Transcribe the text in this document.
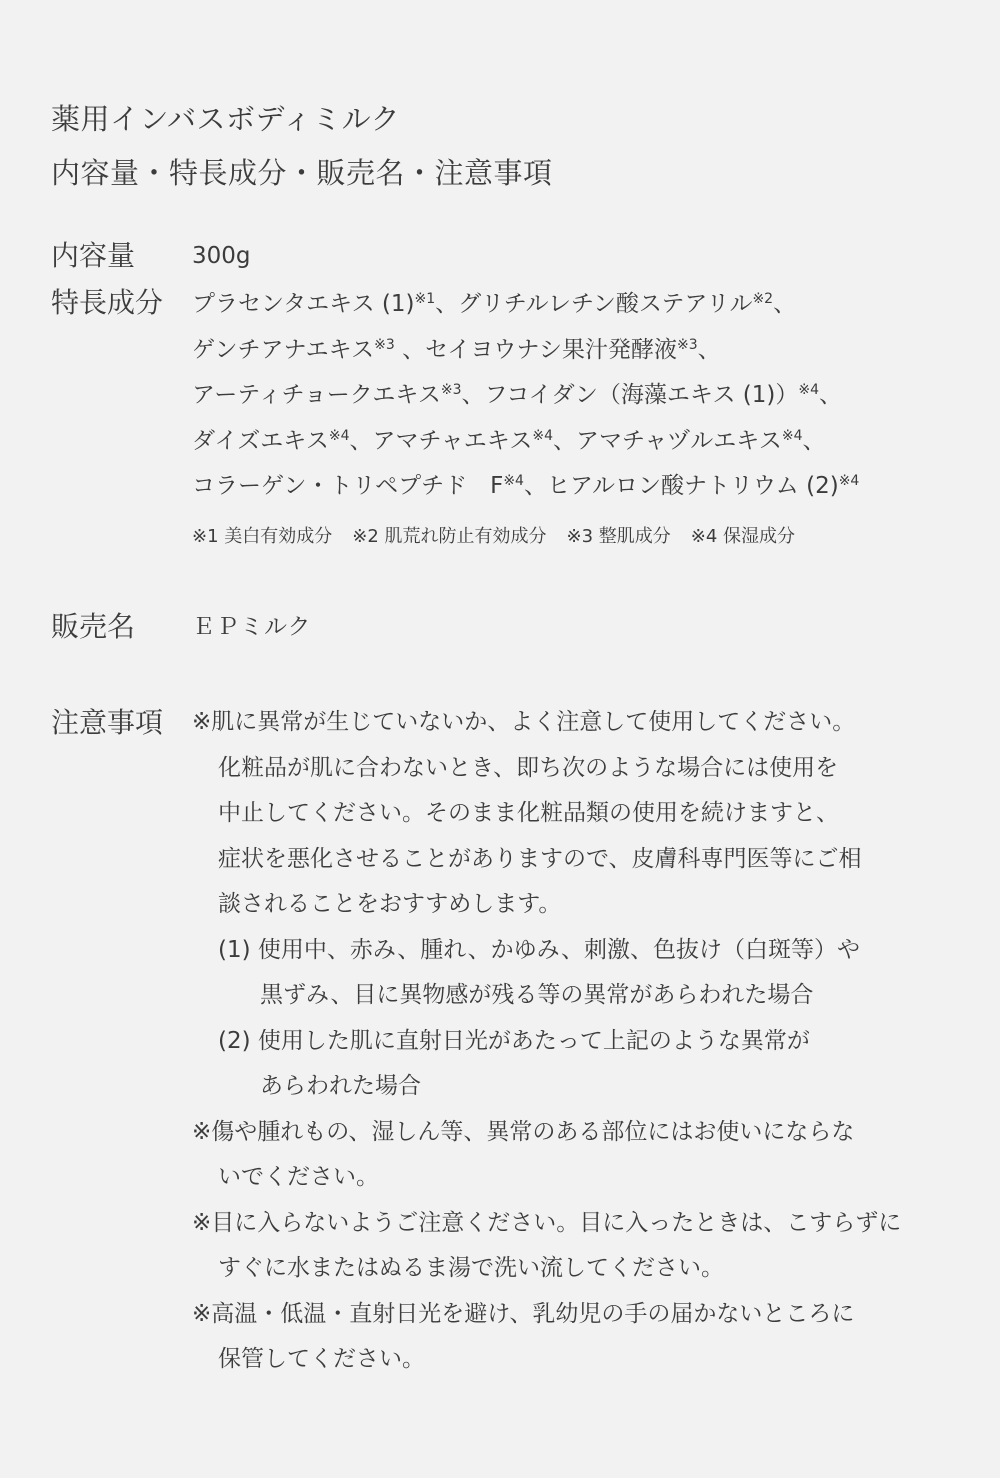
薬用インバスボディミルク
内容量・特長成分・販売名・注意事項
内容量 300g
特長成分 プラセンタエキス $(1)^{※1}$、グリチルレチン酸ステアリル$^{※2}$、
ゲンチアナエキス$^{※3}$ 、セイヨウナシ果汁発酵液$^{※3}$、
アーティチョークエキス$^{※3}$、フコイダン（海藻エキス (1)）$^{※4}$、
ダイズエキス$^{※4}$、アマチャエキス$^{※4}$、アマチャヅルエキス$^{※4}$、
コラーゲン・トリペプチド　$F^{※4}$、ヒアルロン酸ナトリウム $(2)^{※4}$
※1 美白有効成分 ※2 肌荒れ防止有効成分 ※3 整肌成分 ※4 保湿成分
販売名 ＥＰミルク
注意事項 ※肌に異常が生じていないか、よく注意して使用してください。
化粧品が肌に合わないとき、即ち次のような場合には使用を
中止してください。そのまま化粧品類の使用を続けますと、
症状を悪化させることがありますので、皮膚科専門医等にご相
談されることをおすすめします。
(1) 使用中、赤み、腫れ、かゆみ、刺激、色抜け（白斑等）や
黒ずみ、目に異物感が残る等の異常があらわれた場合
(2) 使用した肌に直射日光があたって上記のような異常が
あらわれた場合
※傷や腫れもの、湿しん等、異常のある部位にはお使いにならな
いでください。
※目に入らないようご注意ください。目に入ったときは、こすらずに
すぐに水またはぬるま湯で洗い流してください。
※高温・低温・直射日光を避け、乳幼児の手の届かないところに
保管してください。
